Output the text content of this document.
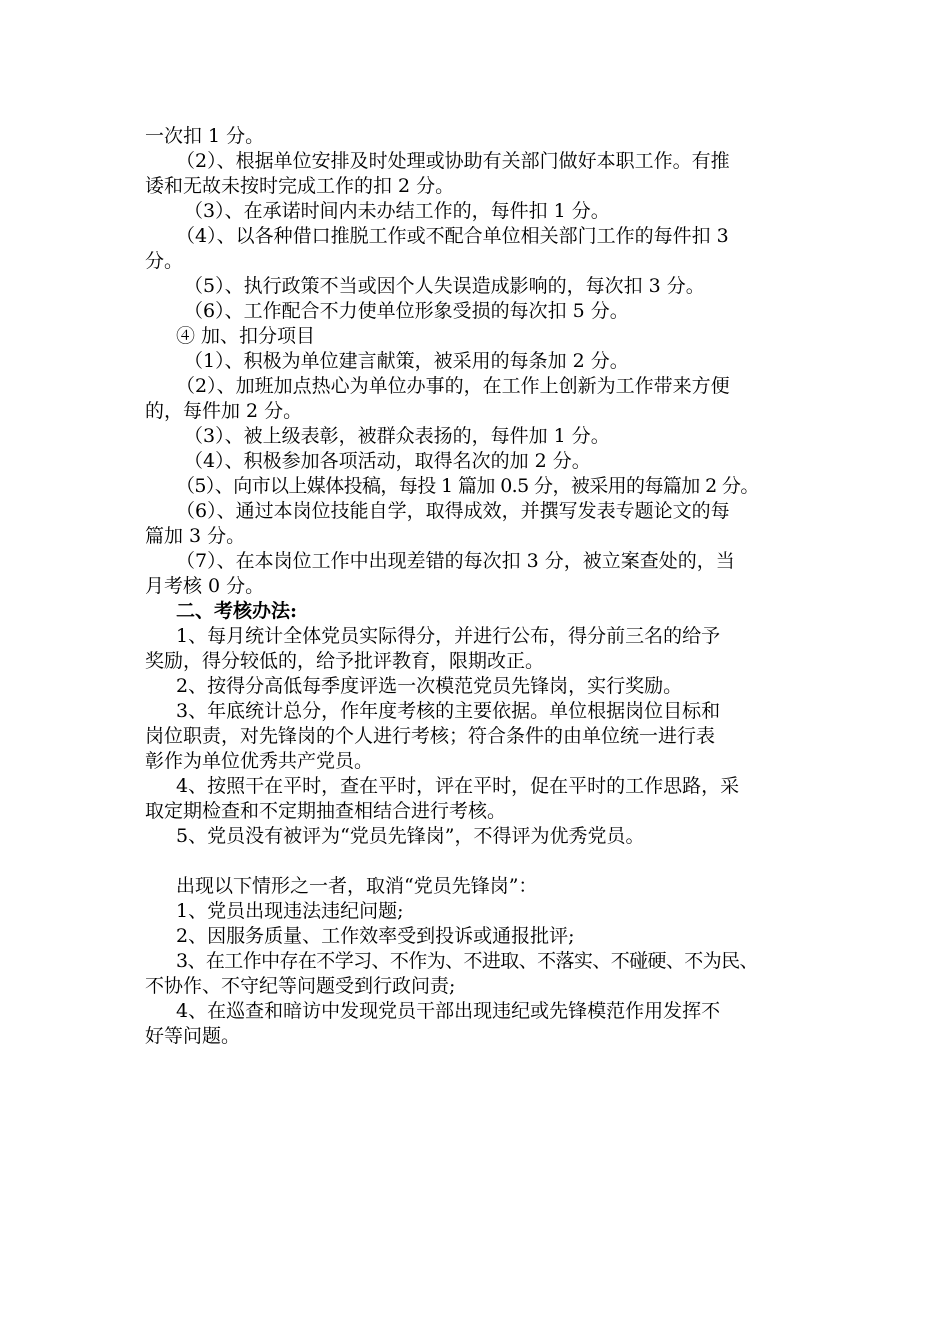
一次扣 1 分。
（2）、根据单位安排及时处理或协助有关部门做好本职工作。有推
诿和无故未按时完成工作的扣 2 分。
（3）、在承诺时间内未办结工作的，每件扣 1 分。
（4）、以各种借口推脱工作或不配合单位相关部门工作的每件扣 3
分。
（5）、执行政策不当或因个人失误造成影响的，每次扣 3 分。
（6）、工作配合不力使单位形象受损的每次扣 5 分。
④ 加、扣分项目
（1）、积极为单位建言献策，被采用的每条加 2 分。
（2）、加班加点热心为单位办事的，在工作上创新为工作带来方便
的，每件加 2 分。
（3）、被上级表彰，被群众表扬的，每件加 1 分。
（4）、积极参加各项活动，取得名次的加 2 分。
（5）、向市以上媒体投稿，每投 1 篇加 0.5 分，被采用的每篇加 2 分。
（6）、通过本岗位技能自学，取得成效，并撰写发表专题论文的每
篇加 3 分。
（7）、在本岗位工作中出现差错的每次扣 3 分，被立案查处的，当
月考核 0 分。
二、考核办法:
1、每月统计全体党员实际得分，并进行公布，得分前三名的给予
奖励，得分较低的，给予批评教育，限期改正。
2、按得分高低每季度评选一次模范党员先锋岗，实行奖励。
3、年底统计总分，作年度考核的主要依据。单位根据岗位目标和
岗位职责，对先锋岗的个人进行考核；符合条件的由单位统一进行表
彰作为单位优秀共产党员。
4、按照干在平时，查在平时，评在平时，促在平时的工作思路，采
取定期检查和不定期抽查相结合进行考核。
5、党员没有被评为“党员先锋岗”，不得评为优秀党员。
出现以下情形之一者，取消“党员先锋岗”：
1、党员出现违法违纪问题;
2、因服务质量、工作效率受到投诉或通报批评;
3、在工作中存在不学习、不作为、不进取、不落实、不碰硬、不为民、
不协作、不守纪等问题受到行政问责;
4、在巡查和暗访中发现党员干部出现违纪或先锋模范作用发挥不
好等问题。
